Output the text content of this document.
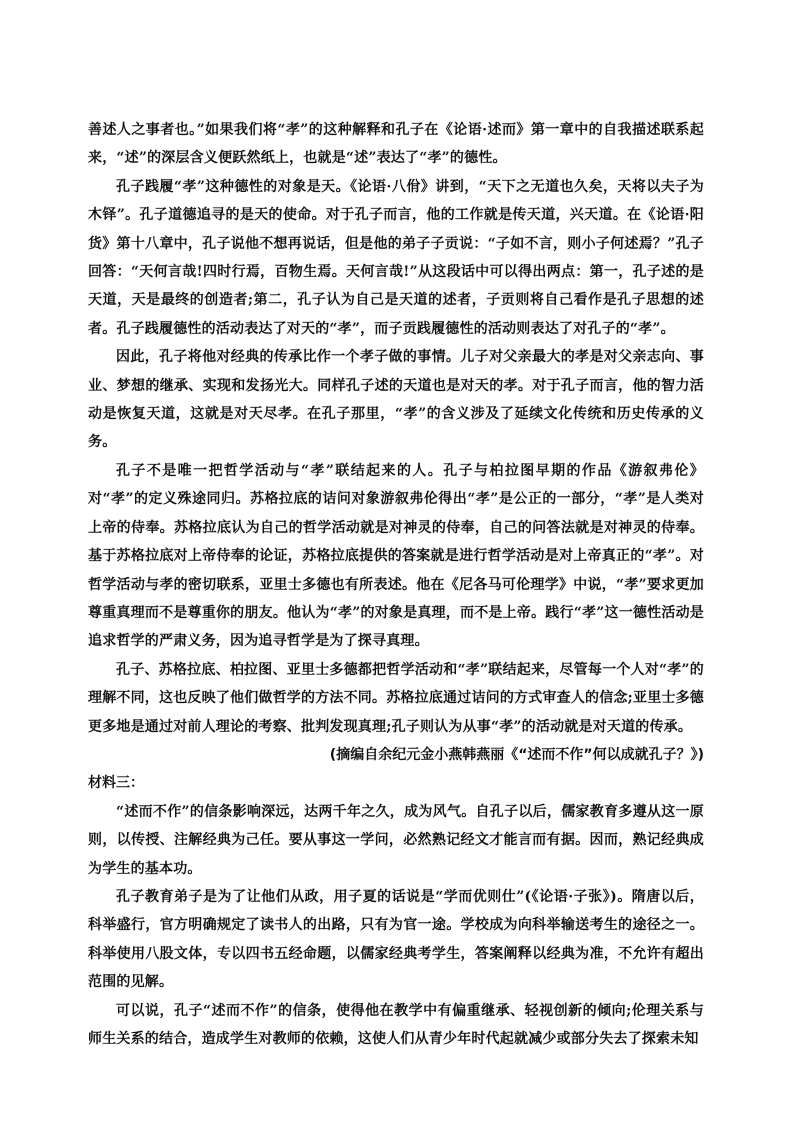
善述人之事者也。”如果我们将“孝”的这种解释和孔子在《论语·述而》第一章中的自我描述联系起来，“述”的深层含义便跃然纸上，也就是“述”表达了“孝”的德性。

孔子践履“孝”这种德性的对象是天。《论语·八佾》讲到，“天下之无道也久矣，天将以夫子为木铎”。孔子道德追寻的是天的使命。对于孔子而言，他的工作就是传天道，兴天道。在《论语·阳货》第十八章中，孔子说他不想再说话，但是他的弟子子贡说：“子如不言，则小子何述焉？”孔子回答：“天何言哉!四时行焉，百物生焉。天何言哉!”从这段话中可以得出两点：第一，孔子述的是天道，天是最终的创造者;第二，孔子认为自己是天道的述者，子贡则将自己看作是孔子思想的述者。孔子践履德性的活动表达了对天的“孝”，而子贡践履德性的活动则表达了对孔子的“孝”。

因此，孔子将他对经典的传承比作一个孝子做的事情。儿子对父亲最大的孝是对父亲志向、事业、梦想的继承、实现和发扬光大。同样孔子述的天道也是对天的孝。对于孔子而言，他的智力活动是恢复天道，这就是对天尽孝。在孔子那里，“孝”的含义涉及了延续文化传统和历史传承的义务。

孔子不是唯一把哲学活动与“孝”联结起来的人。孔子与柏拉图早期的作品《游叙弗伦》对“孝”的定义殊途同归。苏格拉底的诘问对象游叙弗伦得出“孝”是公正的一部分，“孝”是人类对上帝的侍奉。苏格拉底认为自己的哲学活动就是对神灵的侍奉，自己的问答法就是对神灵的侍奉。基于苏格拉底对上帝侍奉的论证，苏格拉底提供的答案就是进行哲学活动是对上帝真正的“孝”。对哲学活动与孝的密切联系，亚里士多德也有所表述。他在《尼各马可伦理学》中说，“孝”要求更加尊重真理而不是尊重你的朋友。他认为“孝”的对象是真理，而不是上帝。践行“孝”这一德性活动是追求哲学的严肃义务，因为追寻哲学是为了探寻真理。

孔子、苏格拉底、柏拉图、亚里士多德都把哲学活动和“孝”联结起来，尽管每一个人对“孝”的理解不同，这也反映了他们做哲学的方法不同。苏格拉底通过诘问的方式审查人的信念;亚里士多德更多地是通过对前人理论的考察、批判发现真理;孔子则认为从事“孝”的活动就是对天道的传承。

(摘编自余纪元金小燕韩燕丽《“述而不作”何以成就孔子？》)

材料三：

“述而不作”的信条影响深远，达两千年之久，成为风气。自孔子以后，儒家教育多遵从这一原则，以传授、注解经典为己任。要从事这一学问，必然熟记经文才能言而有据。因而，熟记经典成为学生的基本功。

孔子教育弟子是为了让他们从政，用子夏的话说是“学而优则仕”(《论语·子张》)。隋唐以后，科举盛行，官方明确规定了读书人的出路，只有为官一途。学校成为向科举输送考生的途径之一。科举使用八股文体，专以四书五经命题，以儒家经典考学生，答案阐释以经典为准，不允许有超出范围的见解。

可以说，孔子“述而不作”的信条，使得他在教学中有偏重继承、轻视创新的倾向;伦理关系与师生关系的结合，造成学生对教师的依赖，这使人们从青少年时代起就减少或部分失去了探索未知
